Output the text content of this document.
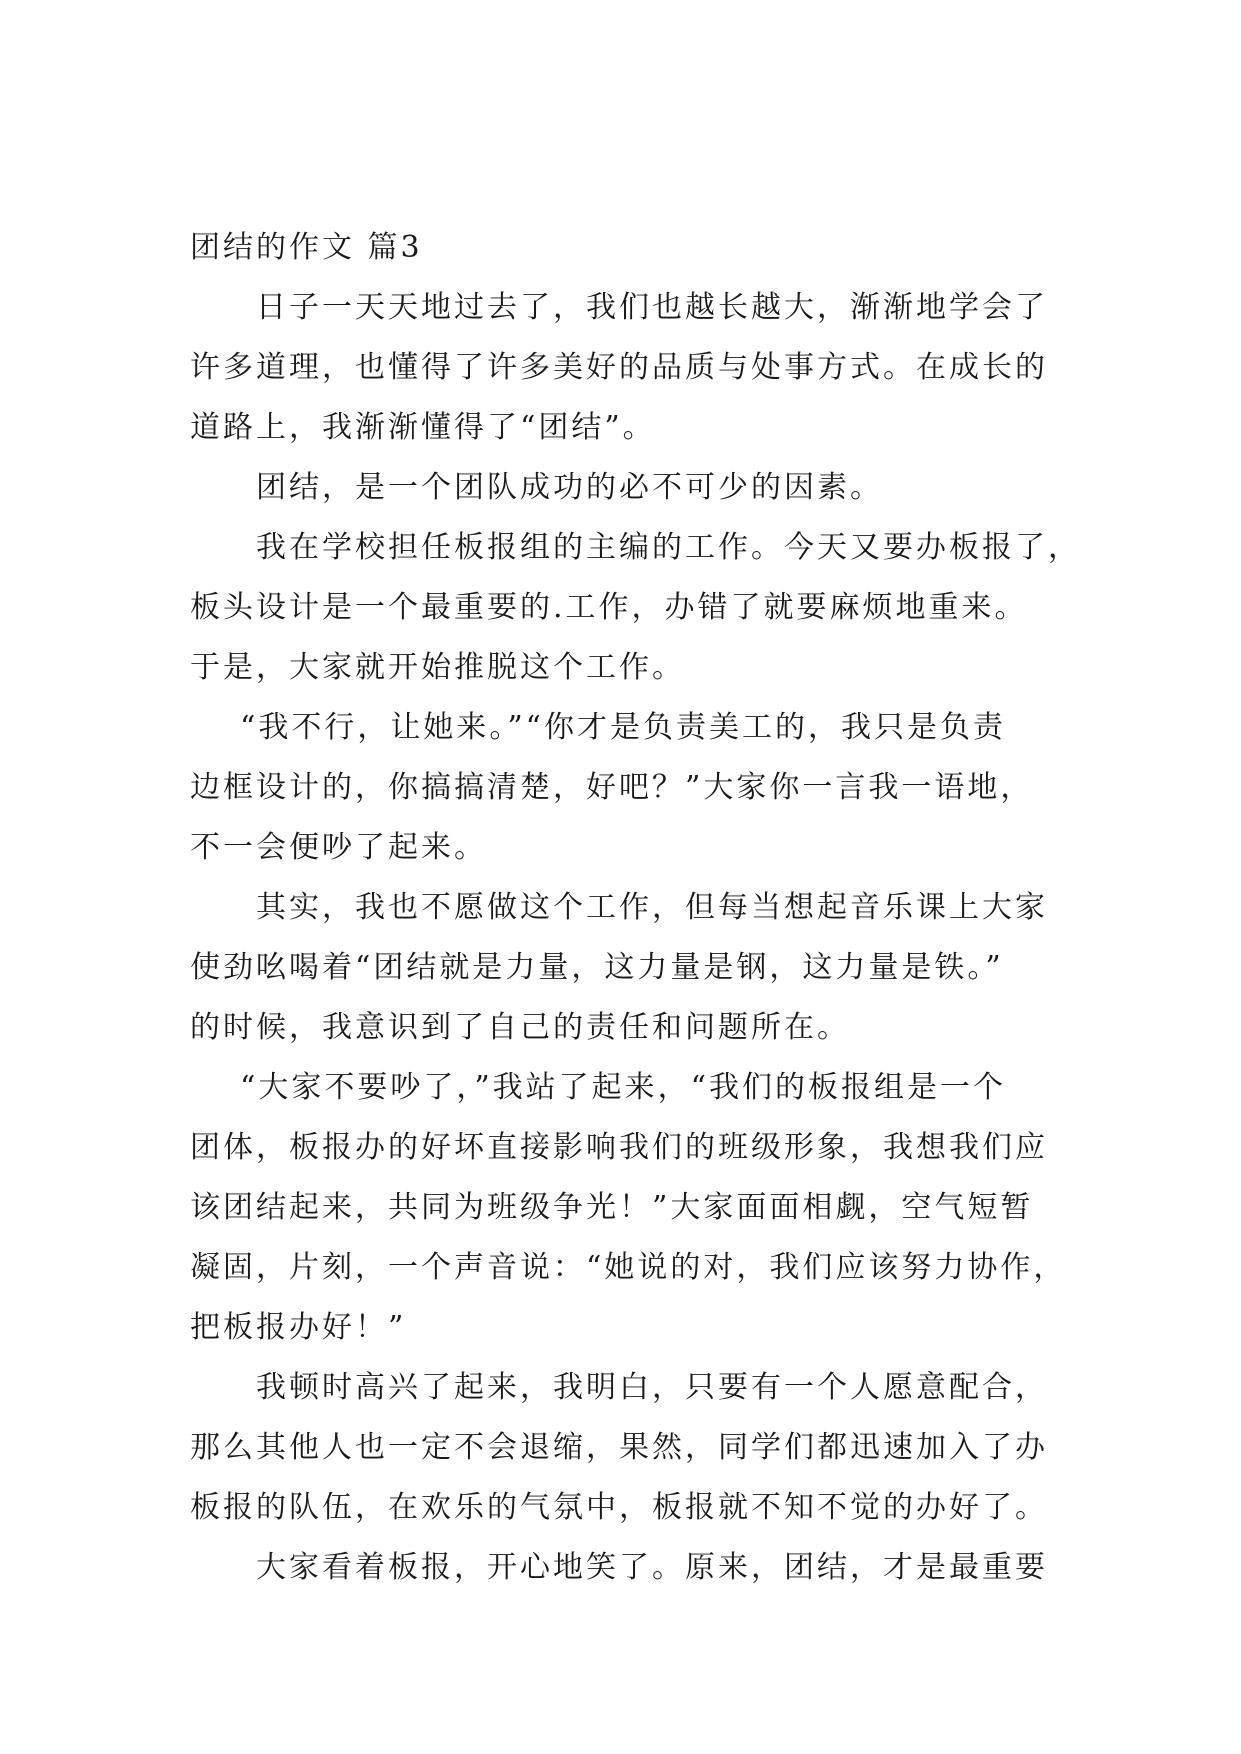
团结的作文 篇3

日子一天天地过去了，我们也越长越大，渐渐地学会了
许多道理，也懂得了许多美好的品质与处事方式。在成长的
道路上，我渐渐懂得了“团结”。

团结，是一个团队成功的必不可少的因素。

我在学校担任板报组的主编的工作。今天又要办板报了，
板头设计是一个最重要的.工作，办错了就要麻烦地重来。
于是，大家就开始推脱这个工作。

“我不行，让她来。”“你才是负责美工的，我只是负责
边框设计的，你搞搞清楚，好吧？”大家你一言我一语地，
不一会便吵了起来。

其实，我也不愿做这个工作，但每当想起音乐课上大家
使劲吆喝着“团结就是力量，这力量是钢，这力量是铁。”
的时候，我意识到了自己的责任和问题所在。

“大家不要吵了，”我站了起来，“我们的板报组是一个
团体，板报办的好坏直接影响我们的班级形象，我想我们应
该团结起来，共同为班级争光！”大家面面相觑，空气短暂
凝固，片刻，一个声音说：“她说的对，我们应该努力协作，
把板报办好！”

我顿时高兴了起来，我明白，只要有一个人愿意配合，
那么其他人也一定不会退缩，果然，同学们都迅速加入了办
板报的队伍，在欢乐的气氛中，板报就不知不觉的办好了。

大家看着板报，开心地笑了。原来，团结，才是最重要
